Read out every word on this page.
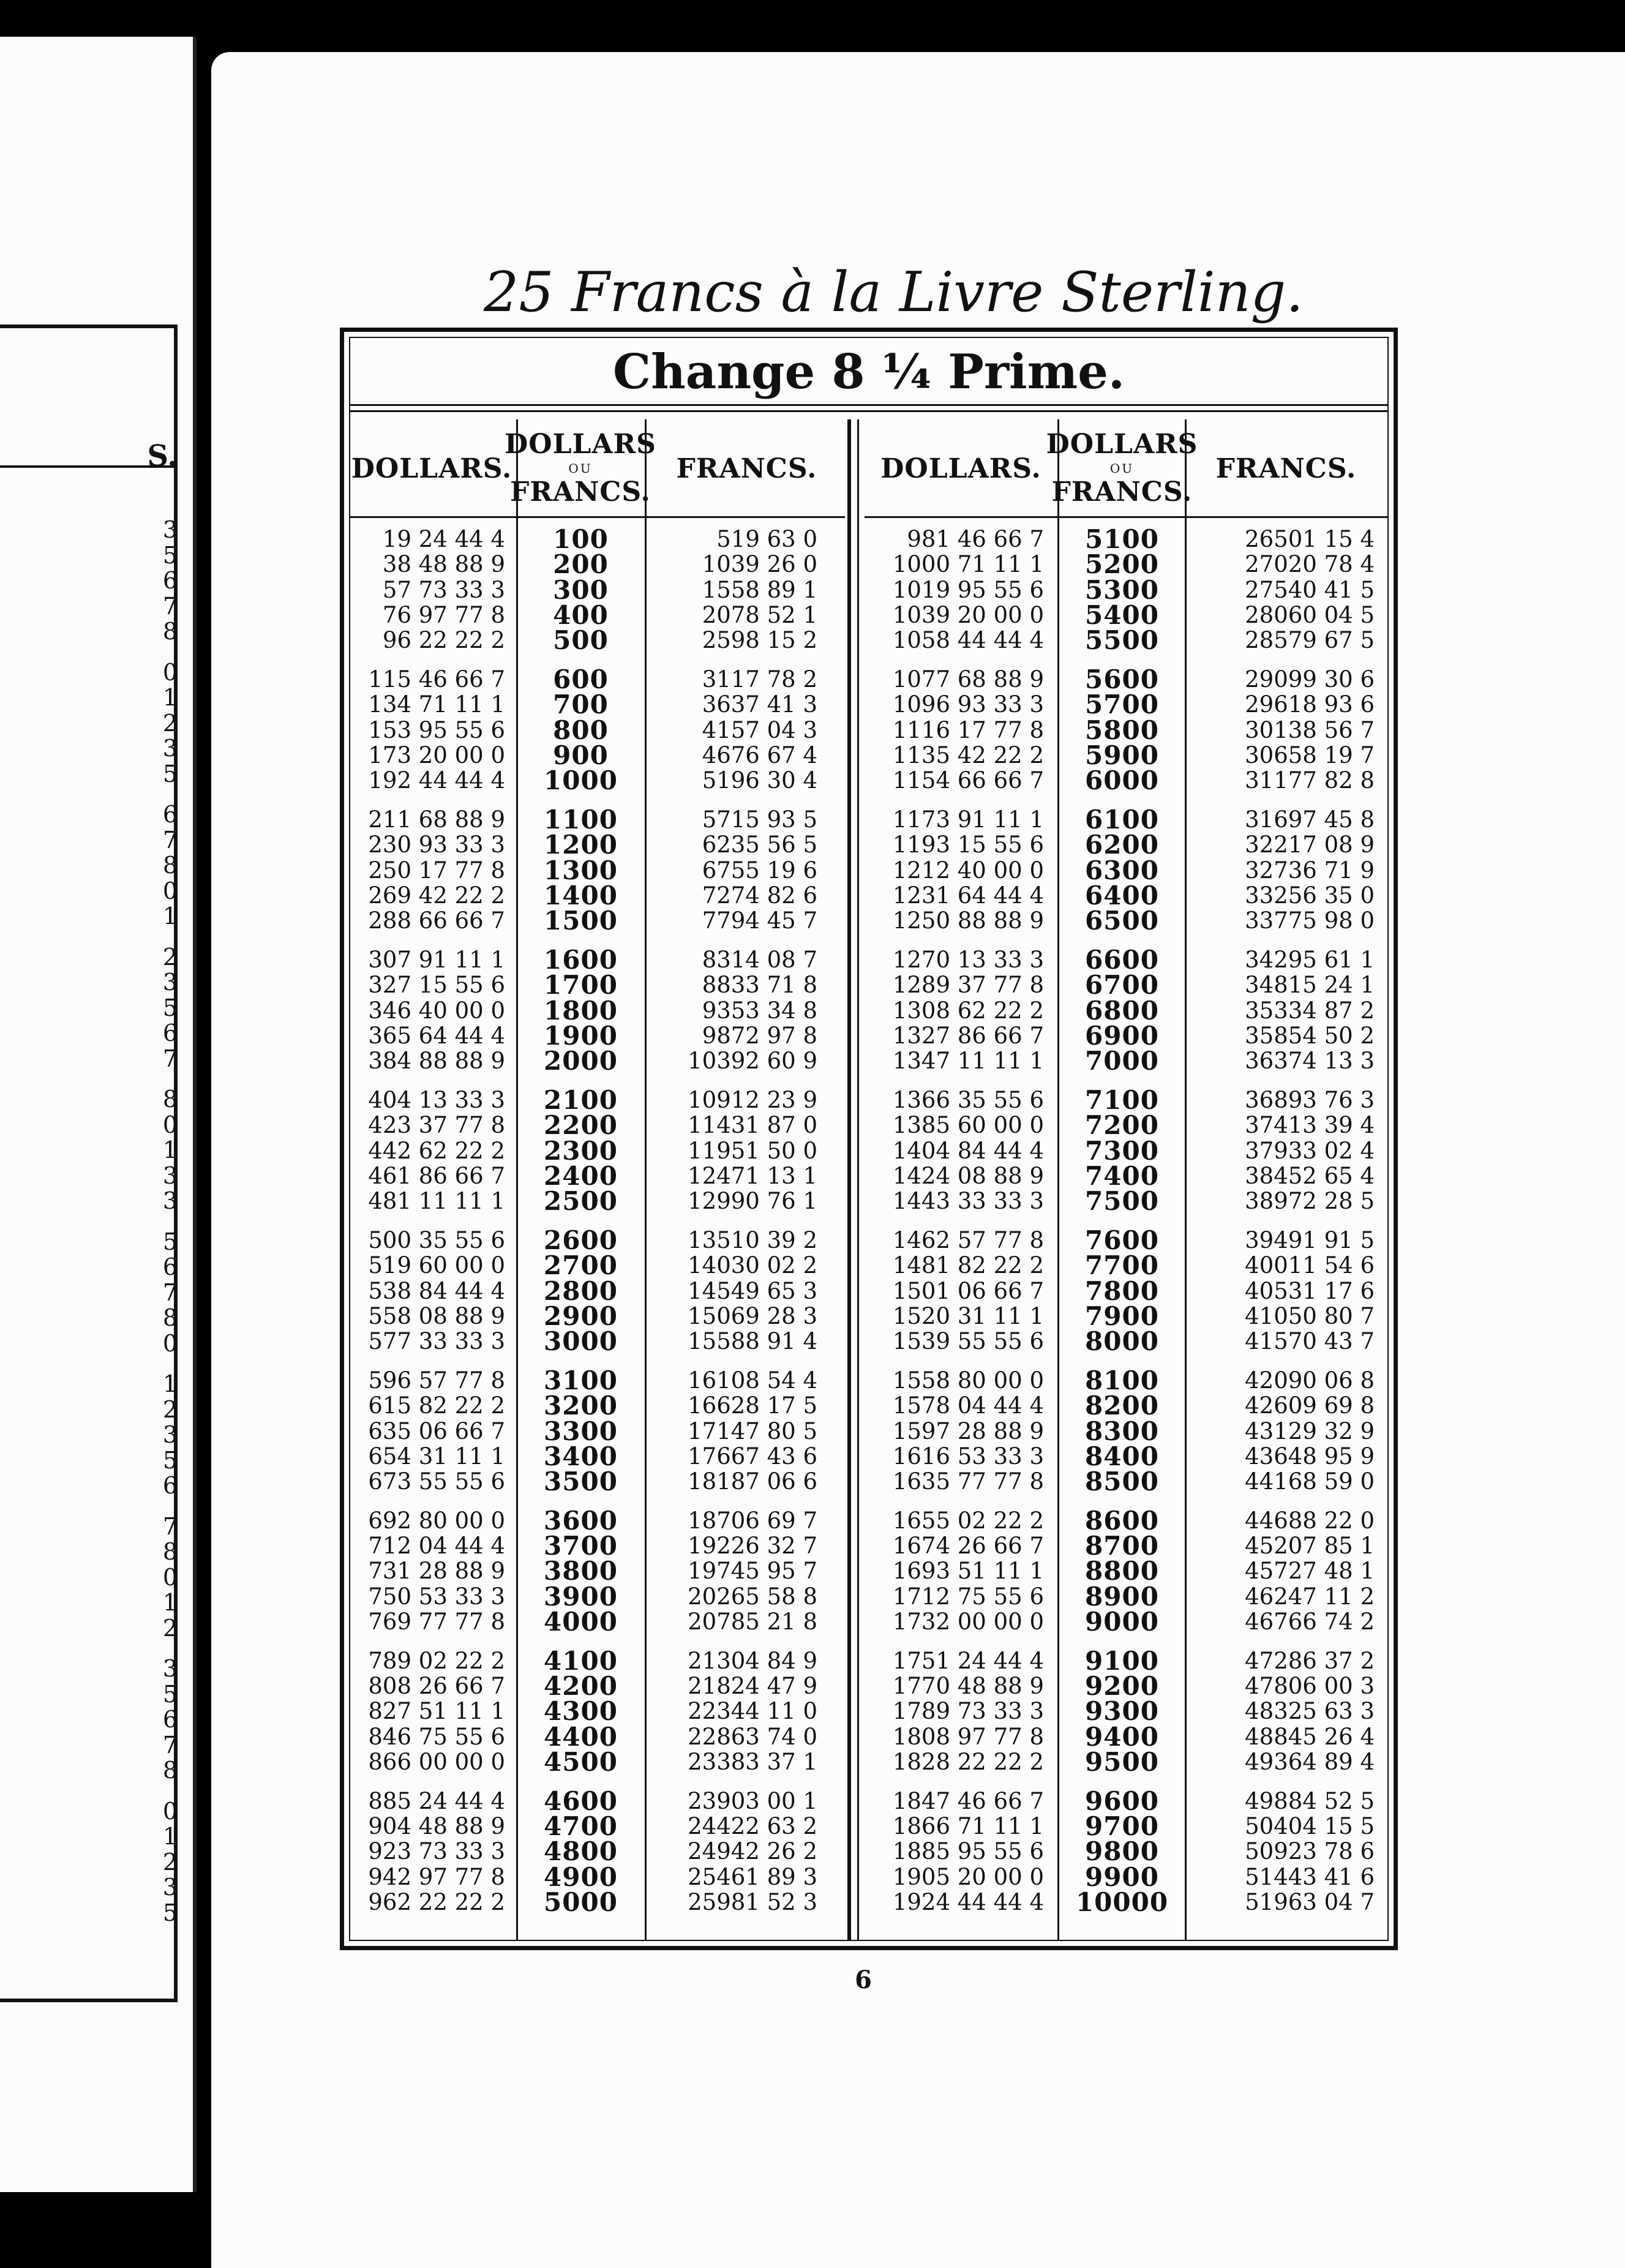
S.
3
5
6
7
8
0
1
2
3
5
6
7
8
0
1
2
3
5
6
7
8
0
1
3
3
5
6
7
8
0
1
2
3
5
6
7
8
0
1
2
3
5
6
7
8
0
1
2
3
5
25 Francs à la Livre Sterling.
Change 8 ¼ Prime.
DOLLARS.
DOLLARS
OU
FRANCS.
FRANCS. DOLLARS.
DOLLARS
OU
FRANCS.
FRANCS.
19 24 44 4
38 48 88 9
57 73 33 3
76 97 77 8
96 22 22 2
115 46 66 7
134 71 11 1
153 95 55 6
173 20 00 0
192 44 44 4
211 68 88 9
230 93 33 3
250 17 77 8
269 42 22 2
288 66 66 7
307 91 11 1
327 15 55 6
346 40 00 0
365 64 44 4
384 88 88 9
404 13 33 3
423 37 77 8
442 62 22 2
461 86 66 7
481 11 11 1
500 35 55 6
519 60 00 0
538 84 44 4
558 08 88 9
577 33 33 3
596 57 77 8
615 82 22 2
635 06 66 7
654 31 11 1
673 55 55 6
692 80 00 0
712 04 44 4
731 28 88 9
750 53 33 3
769 77 77 8
789 02 22 2
808 26 66 7
827 51 11 1
846 75 55 6
866 00 00 0
885 24 44 4
904 48 88 9
923 73 33 3
942 97 77 8
962 22 22 2
100
200
300
400
500
600
700
800
900
1000
1100
1200
1300
1400
1500
1600
1700
1800
1900
2000
2100
2200
2300
2400
2500
2600
2700
2800
2900
3000
3100
3200
3300
3400
3500
3600
3700
3800
3900
4000
4100
4200
4300
4400
4500
4600
4700
4800
4900
5000
519 63 0
1039 26 0
1558 89 1
2078 52 1
2598 15 2
3117 78 2
3637 41 3
4157 04 3
4676 67 4
5196 30 4
5715 93 5
6235 56 5
6755 19 6
7274 82 6
7794 45 7
8314 08 7
8833 71 8
9353 34 8
9872 97 8
10392 60 9
10912 23 9
11431 87 0
11951 50 0
12471 13 1
12990 76 1
13510 39 2
14030 02 2
14549 65 3
15069 28 3
15588 91 4
16108 54 4
16628 17 5
17147 80 5
17667 43 6
18187 06 6
18706 69 7
19226 32 7
19745 95 7
20265 58 8
20785 21 8
21304 84 9
21824 47 9
22344 11 0
22863 74 0
23383 37 1
23903 00 1
24422 63 2
24942 26 2
25461 89 3
25981 52 3
981 46 66 7
1000 71 11 1
1019 95 55 6
1039 20 00 0
1058 44 44 4
1077 68 88 9
1096 93 33 3
1116 17 77 8
1135 42 22 2
1154 66 66 7
1173 91 11 1
1193 15 55 6
1212 40 00 0
1231 64 44 4
1250 88 88 9
1270 13 33 3
1289 37 77 8
1308 62 22 2
1327 86 66 7
1347 11 11 1
1366 35 55 6
1385 60 00 0
1404 84 44 4
1424 08 88 9
1443 33 33 3
1462 57 77 8
1481 82 22 2
1501 06 66 7
1520 31 11 1
1539 55 55 6
1558 80 00 0
1578 04 44 4
1597 28 88 9
1616 53 33 3
1635 77 77 8
1655 02 22 2
1674 26 66 7
1693 51 11 1
1712 75 55 6
1732 00 00 0
1751 24 44 4
1770 48 88 9
1789 73 33 3
1808 97 77 8
1828 22 22 2
1847 46 66 7
1866 71 11 1
1885 95 55 6
1905 20 00 0
1924 44 44 4
5100
5200
5300
5400
5500
5600
5700
5800
5900
6000
6100
6200
6300
6400
6500
6600
6700
6800
6900
7000
7100
7200
7300
7400
7500
7600
7700
7800
7900
8000
8100
8200
8300
8400
8500
8600
8700
8800
8900
9000
9100
9200
9300
9400
9500
9600
9700
9800
9900
10000
26501 15 4
27020 78 4
27540 41 5
28060 04 5
28579 67 5
29099 30 6
29618 93 6
30138 56 7
30658 19 7
31177 82 8
31697 45 8
32217 08 9
32736 71 9
33256 35 0
33775 98 0
34295 61 1
34815 24 1
35334 87 2
35854 50 2
36374 13 3
36893 76 3
37413 39 4
37933 02 4
38452 65 4
38972 28 5
39491 91 5
40011 54 6
40531 17 6
41050 80 7
41570 43 7
42090 06 8
42609 69 8
43129 32 9
43648 95 9
44168 59 0
44688 22 0
45207 85 1
45727 48 1
46247 11 2
46766 74 2
47286 37 2
47806 00 3
48325 63 3
48845 26 4
49364 89 4
49884 52 5
50404 15 5
50923 78 6
51443 41 6
51963 04 7
6
